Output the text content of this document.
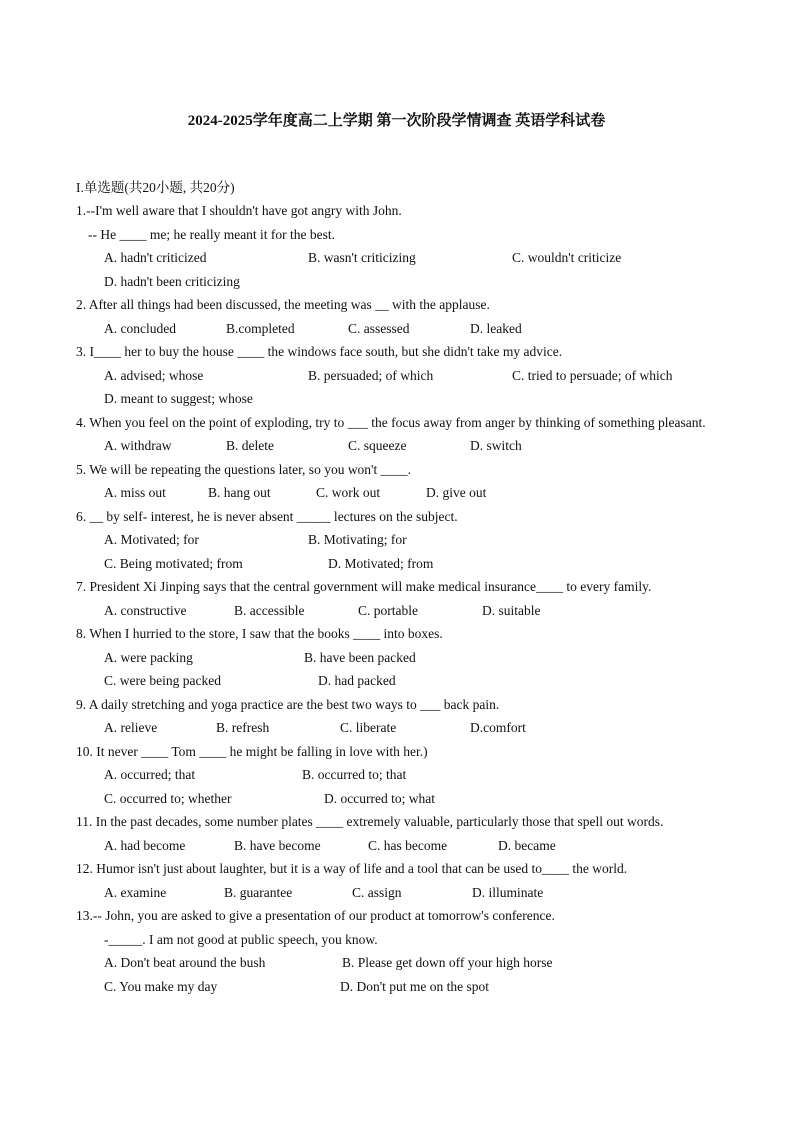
2024-2025学年度高二上学期 第一次阶段学情调查 英语学科试卷
I.单选题(共20小题, 共20分)
1.--I'm well aware that I shouldn't have got angry with John.
-- He ____ me; he really meant it for the best.
A. hadn't criticized	B. wasn't criticizing	C. wouldn't criticize
D. hadn't been criticizing
2. After all things had been discussed, the meeting was __ with the applause.
A. concluded	B.completed	C. assessed	D. leaked
3. I____ her to buy the house ____ the windows face south, but she didn't take my advice.
A. advised; whose	B. persuaded; of which	C. tried to persuade; of which
D. meant to suggest; whose
4. When you feel on the point of exploding, try to ___ the focus away from anger by thinking of something pleasant.
A. withdraw	B. delete	C. squeeze	D. switch
5. We will be repeating the questions later, so you won't ____.
A. miss out	B. hang out	C. work out	D. give out
6. __ by self- interest, he is never absent _____ lectures on the subject.
A. Motivated; for	B. Motivating; for
C. Being motivated; from	D. Motivated; from
7. President Xi Jinping says that the central government will make medical insurance____ to every family.
A. constructive	B. accessible	C. portable	D. suitable
8. When I hurried to the store, I saw that the books ____ into boxes.
A. were packing	B. have been packed
C. were being packed	D. had packed
9. A daily stretching and yoga practice are the best two ways to ___ back pain.
A. relieve	B. refresh	C. liberate	D.comfort
10. It never ____ Tom ____ he might be falling in love with her.)
A. occurred; that	B. occurred to; that
C. occurred to; whether	D. occurred to; what
11. In the past decades, some number plates ____ extremely valuable, particularly those that spell out words.
A. had become	B. have become	C. has become	D. became
12. Humor isn't just about laughter, but it is a way of life and a tool that can be used to____ the world.
A. examine	B. guarantee	C. assign	D. illuminate
13.-- John, you are asked to give a presentation of our product at tomorrow's conference.
-_____. I am not good at public speech, you know.
A. Don't beat around the bush	B. Please get down off your high horse
C. You make my day	D. Don't put me on the spot
